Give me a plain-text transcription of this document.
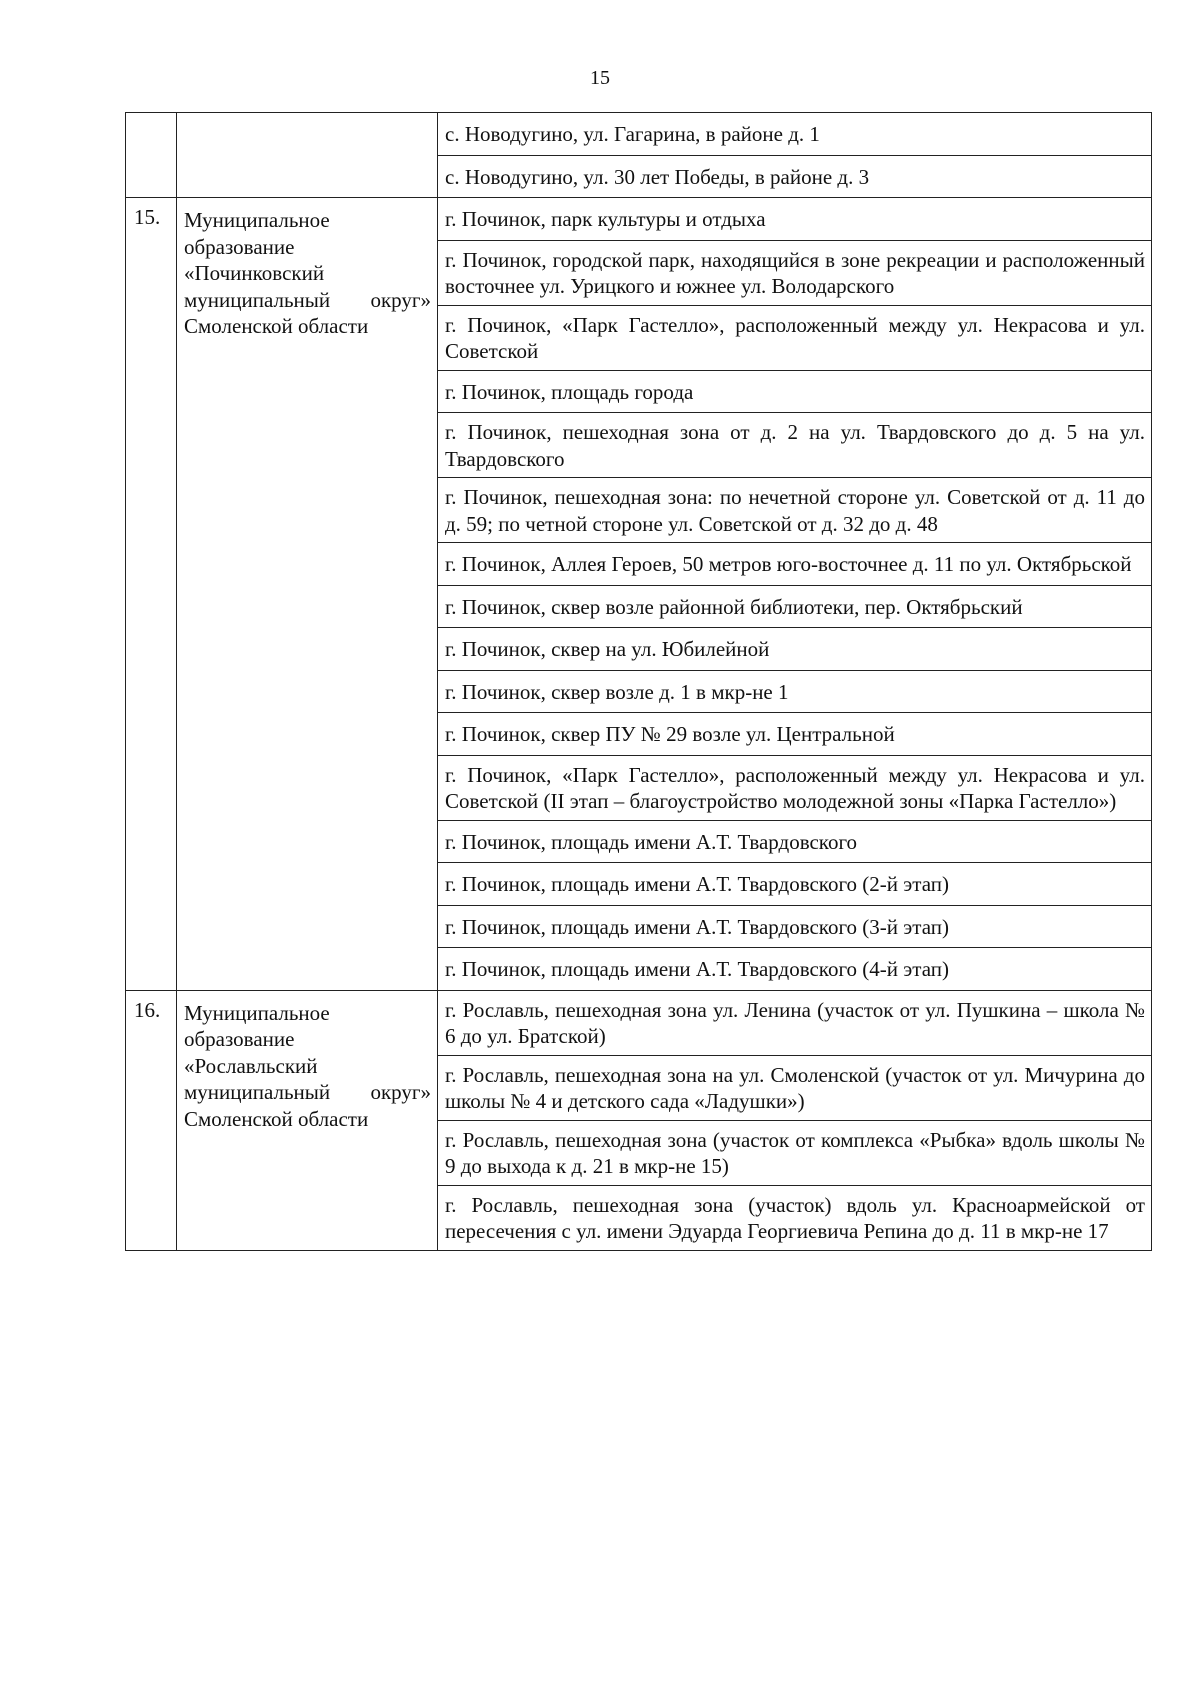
15
		с. Новодугино, ул. Гагарина, в районе д. 1
		с. Новодугино, ул. 30 лет Победы, в районе д. 3
15.	Муниципальное образование «Починковский муниципальный округ» Смоленской области	г. Починок, парк культуры и отдыха
		г. Починок, городской парк, находящийся в зоне рекреации и расположенный восточнее ул. Урицкого и южнее ул. Володарского
		г. Починок, «Парк Гастелло», расположенный между ул. Некрасова и ул. Советской
		г. Починок, площадь города
		г. Починок, пешеходная зона от д. 2 на ул. Твардовского до д. 5 на ул. Твардовского
		г. Починок, пешеходная зона: по нечетной стороне ул. Советской от д. 11 до д. 59; по четной стороне ул. Советской от д. 32 до д. 48
		г. Починок, Аллея Героев, 50 метров юго-восточнее д. 11 по ул. Октябрьской
		г. Починок, сквер возле районной библиотеки, пер. Октябрьский
		г. Починок, сквер на ул. Юбилейной
		г. Починок, сквер возле д. 1 в мкр-не 1
		г. Починок, сквер ПУ № 29 возле ул. Центральной
		г. Починок, «Парк Гастелло», расположенный между ул. Некрасова и ул. Советской (II этап – благоустройство молодежной зоны «Парка Гастелло»)
		г. Починок, площадь имени А.Т. Твардовского
		г. Починок, площадь имени А.Т. Твардовского (2-й этап)
		г. Починок, площадь имени А.Т. Твардовского (3-й этап)
		г. Починок, площадь имени А.Т. Твардовского (4-й этап)
16.	Муниципальное образование «Рославльский муниципальный округ» Смоленской области	г. Рославль, пешеходная зона ул. Ленина (участок от ул. Пушкина – школа № 6 до ул. Братской)
		г. Рославль, пешеходная зона на ул. Смоленской (участок от ул. Мичурина до школы № 4 и детского сада «Ладушки»)
		г. Рославль, пешеходная зона (участок от комплекса «Рыбка» вдоль школы № 9 до выхода к д. 21 в мкр-не 15)
		г. Рославль, пешеходная зона (участок) вдоль ул. Красноармейской от пересечения с ул. имени Эдуарда Георгиевича Репина до д. 11 в мкр-не 17
